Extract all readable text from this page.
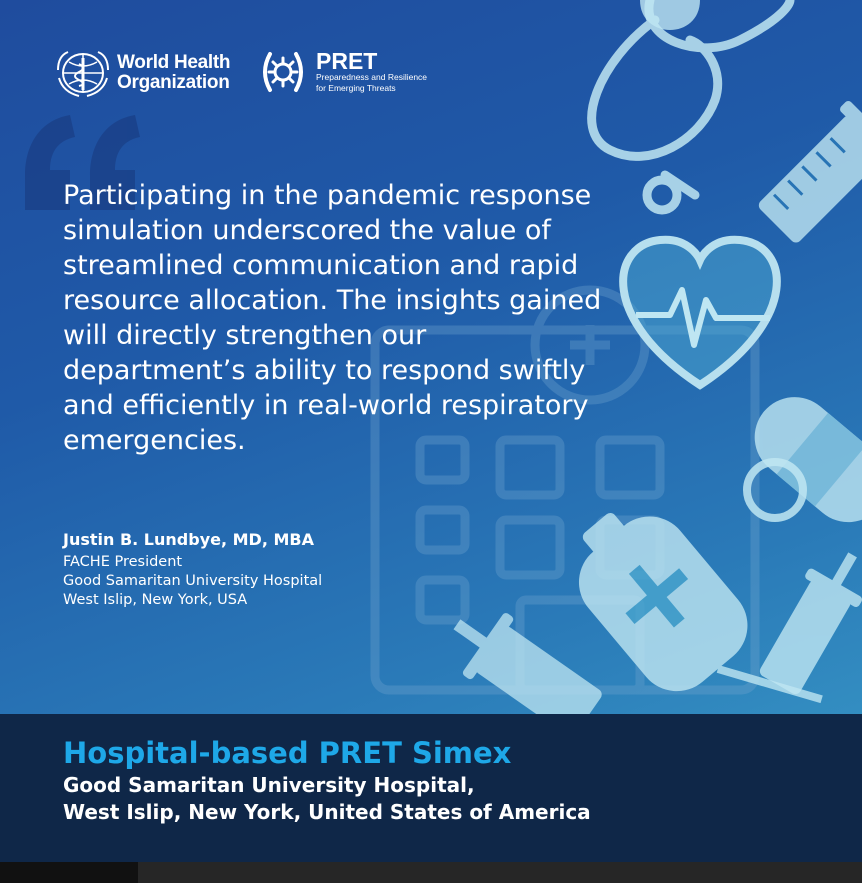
World Health
Organization
PRET
Preparedness and Resilience
for Emerging Threats

Participating in the pandemic response simulation underscored the value of streamlined communication and rapid resource allocation. The insights gained will directly strengthen our department’s ability to respond swiftly and efficiently in real-world respiratory emergencies.

Justin B. Lundbye, MD, MBA
FACHE President
Good Samaritan University Hospital
West Islip, New York, USA
Hospital-based PRET Simex
Good Samaritan University Hospital,
West Islip, New York, United States of America
